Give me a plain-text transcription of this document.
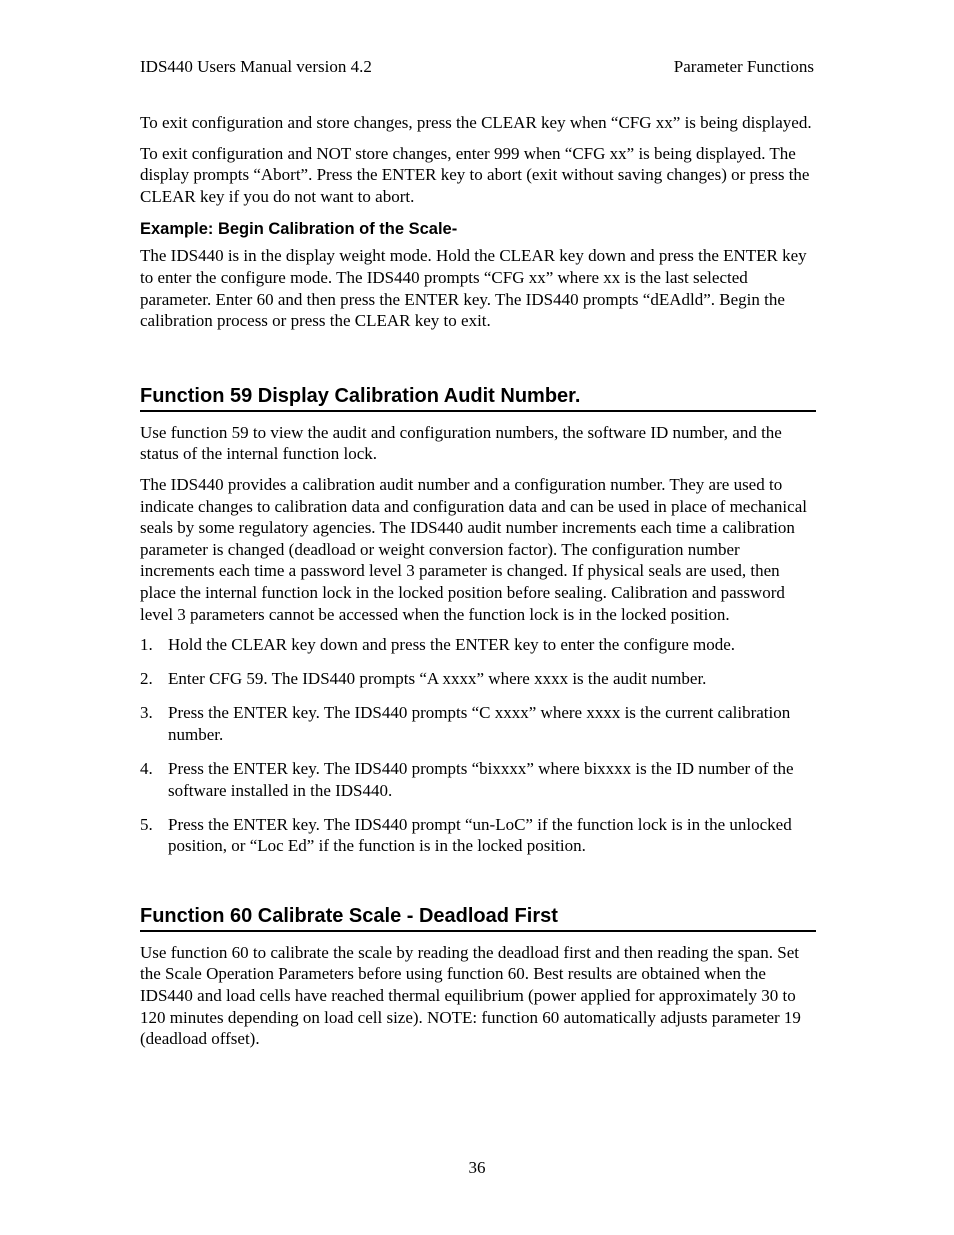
IDS440 Users Manual version 4.2	Parameter Functions

To exit configuration and store changes, press the CLEAR key when “CFG xx” is being displayed.

To exit configuration and NOT store changes, enter 999 when “CFG xx” is being displayed. The display prompts “Abort”. Press the ENTER key to abort (exit without saving changes) or press the CLEAR key if you do not want to abort.

Example: Begin Calibration of the Scale-

The IDS440 is in the display weight mode. Hold the CLEAR key down and press the ENTER key to enter the configure mode. The IDS440 prompts “CFG xx” where xx is the last selected parameter. Enter 60 and then press the ENTER key. The IDS440 prompts “dEAdld”. Begin the calibration process or press the CLEAR key to exit.

Function 59 Display Calibration Audit Number.

Use function 59 to view the audit and configuration numbers, the software ID number, and the status of the internal function lock.

The IDS440 provides a calibration audit number and a configuration number. They are used to indicate changes to calibration data and configuration data and can be used in place of mechanical seals by some regulatory agencies. The IDS440 audit number increments each time a calibration parameter is changed (deadload or weight conversion factor). The configuration number increments each time a password level 3 parameter is changed. If physical seals are used, then place the internal function lock in the locked position before sealing. Calibration and password level 3 parameters cannot be accessed when the function lock is in the locked position.

1. Hold the CLEAR key down and press the ENTER key to enter the configure mode.
2. Enter CFG 59. The IDS440 prompts “A xxxx” where xxxx is the audit number.
3. Press the ENTER key. The IDS440 prompts “C xxxx” where xxxx is the current calibration number.
4. Press the ENTER key. The IDS440 prompts “bixxxx” where bixxxx is the ID number of the software installed in the IDS440.
5. Press the ENTER key. The IDS440 prompt “un-LoC” if the function lock is in the unlocked position, or “Loc Ed” if the function is in the locked position.
Function 60 Calibrate Scale - Deadload First

Use function 60 to calibrate the scale by reading the deadload first and then reading the span. Set the Scale Operation Parameters before using function 60. Best results are obtained when the IDS440 and load cells have reached thermal equilibrium (power applied for approximately 30 to 120 minutes depending on load cell size). NOTE: function 60 automatically adjusts parameter 19 (deadload offset).

36
